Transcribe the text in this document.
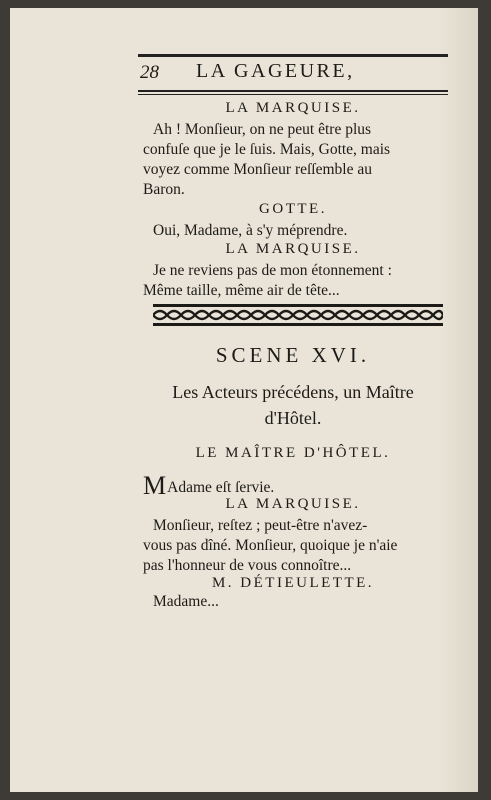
28 LA GAGEURE,
LA MARQUISE.
Ah ! Monſieur, on ne peut être plus
confuſe que je le ſuis. Mais, Gotte, mais
voyez comme Monſieur reſſemble au
Baron.
GOTTE.
Oui, Madame, à s'y méprendre.
LA MARQUISE.
Je ne reviens pas de mon étonnement :
Même taille, même air de tête...
SCENE XVI.
Les Acteurs précédens, un Maître
d'Hôtel.
LE MAÎTRE D'HÔTEL.
MAdame eſt ſervie.
LA MARQUISE.
Monſieur, reſtez ; peut-être n'avez-
vous pas dîné. Monſieur, quoique je n'aie
pas l'honneur de vous connoître...
M. DÉTIEULETTE.
Madame...
